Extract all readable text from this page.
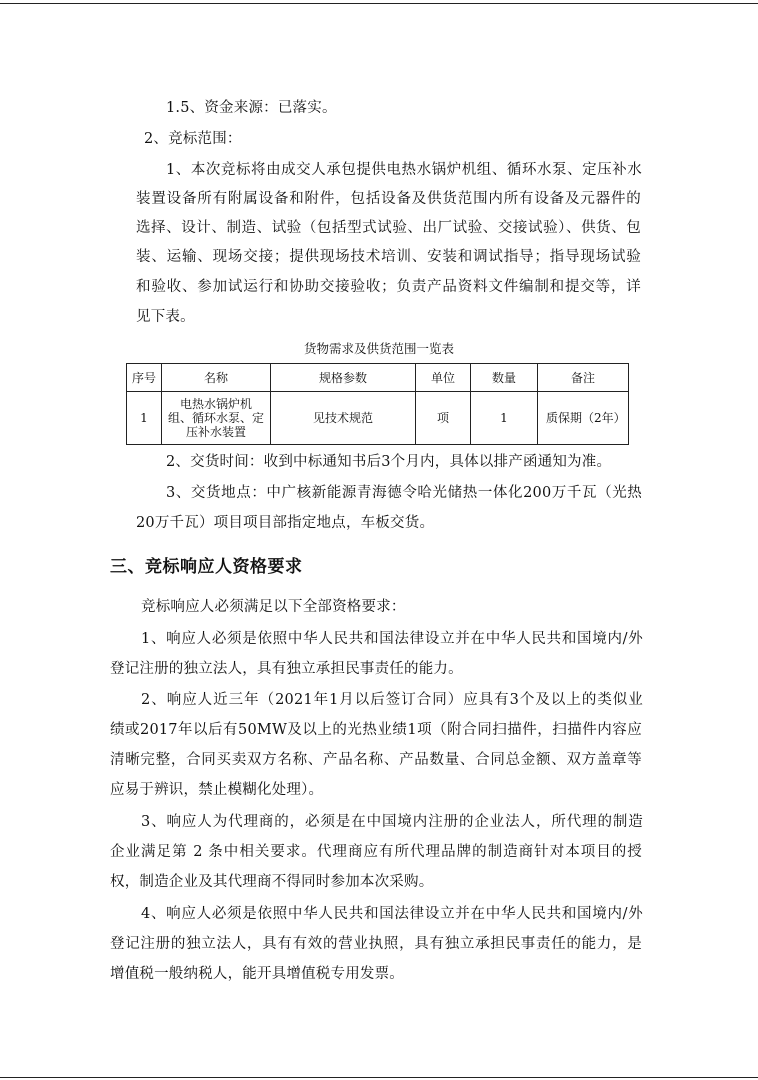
1.5、资金来源：已落实。
2、竞标范围：
1、本次竞标将由成交人承包提供电热水锅炉机组、循环水泵、定压补水
装置设备所有附属设备和附件，包括设备及供货范围内所有设备及元器件的
选择、设计、制造、试验（包括型式试验、出厂试验、交接试验）、供货、包
装、运输、现场交接；提供现场技术培训、安装和调试指导；指导现场试验
和验收、参加试运行和协助交接验收；负责产品资料文件编制和提交等，详
见下表。
货物需求及供货范围一览表
序号	名称	规格参数	单位	数量	备注
1	电热水锅炉机
组、循环水泵、定
压补水装置	见技术规范	项	1	质保期（2年）
2、交货时间：收到中标通知书后3个月内，具体以排产函通知为准。
3、交货地点：中广核新能源青海德令哈光储热一体化200万千瓦（光热
20万千瓦）项目项目部指定地点，车板交货。
三、竞标响应人资格要求
竞标响应人必须满足以下全部资格要求：
1、响应人必须是依照中华人民共和国法律设立并在中华人民共和国境内/外
登记注册的独立法人，具有独立承担民事责任的能力。
2、响应人近三年（2021年1月以后签订合同）应具有3个及以上的类似业
绩或2017年以后有50MW及以上的光热业绩1项（附合同扫描件，扫描件内容应
清晰完整，合同买卖双方名称、产品名称、产品数量、合同总金额、双方盖章等
应易于辨识，禁止模糊化处理）。
3、响应人为代理商的，必须是在中国境内注册的企业法人，所代理的制造
企业满足第 2 条中相关要求。代理商应有所代理品牌的制造商针对本项目的授
权，制造企业及其代理商不得同时参加本次采购。
4、响应人必须是依照中华人民共和国法律设立并在中华人民共和国境内/外
登记注册的独立法人，具有有效的营业执照，具有独立承担民事责任的能力，是
增值税一般纳税人，能开具增值税专用发票。
